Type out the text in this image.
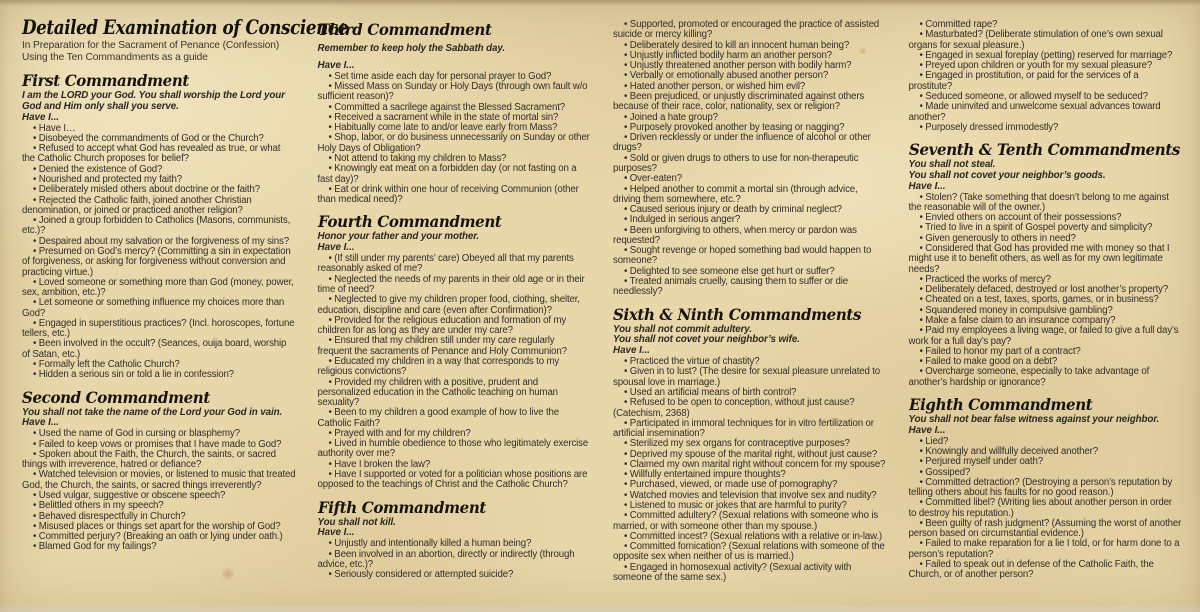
Detailed Examination of Conscience

In Preparation for the Sacrament of Penance (Confession)

Using the Ten Commandments as a guide

First Commandment

I am the LORD your God. You shall worship the Lord your God and Him only shall you serve.

Have I...

• Have I…

• Disobeyed the commandments of God or the Church?

• Refused to accept what God has revealed as true, or what the Catholic Church proposes for belief?

• Denied the existence of God?

• Nourished and protected my faith?

• Deliberately misled others about doctrine or the faith?

• Rejected the Catholic faith, joined another Christian denomination, or joined or practiced another religion?

• Joined a group forbidden to Catholics (Masons, communists, etc.)?

• Despaired about my salvation or the forgiveness of my sins?

• Presumed on God’s mercy? (Committing a sin in expectation of forgiveness, or asking for forgiveness without conversion and practicing virtue.)

• Loved someone or something more than God (money, power, sex, ambition, etc.)?

• Let someone or something influence my choices more than God?

• Engaged in superstitious practices? (Incl. horoscopes, fortune tellers, etc.)

• Been involved in the occult? (Seances, ouija board, worship of Satan, etc.)

• Formally left the Catholic Church?

• Hidden a serious sin or told a lie in confession?

Second Commandment

You shall not take the name of the Lord your God in vain.

Have I...

• Used the name of God in cursing or blasphemy?

• Failed to keep vows or promises that I have made to God?

• Spoken about the Faith, the Church, the saints, or sacred things with irreverence, hatred or defiance?

• Watched television or movies, or listened to music that treated God, the Church, the saints, or sacred things irreverently?

• Used vulgar, suggestive or obscene speech?

• Belittled others in my speech?

• Behaved disrespectfully in Church?

• Misused places or things set apart for the worship of God?

• Committed perjury? (Breaking an oath or lying under oath.)

• Blamed God for my failings?

Third Commandment

Remember to keep holy the Sabbath day.

Have I...

• Set time aside each day for personal prayer to God?

• Missed Mass on Sunday or Holy Days (through own fault w/o sufficient reason)?

• Committed a sacrilege against the Blessed Sacrament?

• Received a sacrament while in the state of mortal sin?

• Habitually come late to and/or leave early from Mass?

• Shop, labor, or do business unnecessarily on Sunday or other Holy Days of Obligation?

• Not attend to taking my children to Mass?

• Knowingly eat meat on a forbidden day (or not fasting on a fast day)?

• Eat or drink within one hour of receiving Communion (other than medical need)?

Fourth Commandment

Honor your father and your mother.

Have I...

• (If still under my parents’ care) Obeyed all that my parents reasonably asked of me?

• Neglected the needs of my parents in their old age or in their time of need?

• Neglected to give my children proper food, clothing, shelter, education, discipline and care (even after Confirmation)?

• Provided for the religious education and formation of my children for as long as they are under my care?

• Ensured that my children still under my care regularly frequent the sacraments of Penance and Holy Communion?

• Educated my children in a way that corresponds to my religious convictions?

• Provided my children with a positive, prudent and personalized education in the Catholic teaching on human sexuality?

• Been to my children a good example of how to live the Catholic Faith?

• Prayed with and for my children?

• Lived in humble obedience to those who legitimately exercise authority over me?

• Have I broken the law?

• Have I supported or voted for a politician whose positions are opposed to the teachings of Christ and the Catholic Church?

Fifth Commandment

You shall not kill.

Have I...

• Unjustly and intentionally killed a human being?

• Been involved in an abortion, directly or indirectly (through advice, etc.)?

• Seriously considered or attempted suicide?

• Supported, promoted or encouraged the practice of assisted suicide or mercy killing?

• Deliberately desired to kill an innocent human being?

• Unjustly inflicted bodily harm an another person?

• Unjustly threatened another person with bodily harm?

• Verbally or emotionally abused another person?

• Hated another person, or wished him evil?

• Been prejudiced, or unjustly discriminated against others because of their race, color, nationality, sex or religion?

• Joined a hate group?

• Purposely provoked another by teasing or nagging?

• Driven recklessly or under the influence of alcohol or other drugs?

• Sold or given drugs to others to use for non-therapeutic purposes?

• Over-eaten?

• Helped another to commit a mortal sin (through advice, driving them somewhere, etc.?

• Caused serious injury or death by criminal neglect?

• Indulged in serious anger?

• Been unforgiving to others, when mercy or pardon was requested?

• Sought revenge or hoped something bad would happen to someone?

• Delighted to see someone else get hurt or suffer?

• Treated animals cruelly, causing them to suffer or die needlessly?

Sixth & Ninth Commandments

You shall not commit adultery.

You shall not covet your neighbor’s wife.

Have I...

• Practiced the virtue of chastity?

• Given in to lust? (The desire for sexual pleasure unrelated to spousal love in marriage.)

• Used an artificial means of birth control?

• Refused to be open to conception, without just cause? (Catechism, 2368)

• Participated in immoral techniques for in vitro fertilization or artificial insemination?

• Sterilized my sex organs for contraceptive purposes?

• Deprived my spouse of the marital right, without just cause?

• Claimed my own marital right without concern for my spouse?

• Willfully entertained impure thoughts?

• Purchased, viewed, or made use of pornography?

• Watched movies and television that involve sex and nudity?

• Listened to music or jokes that are harmful to purity?

• Committed adultery? (Sexual relations with someone who is married, or with someone other than my spouse.)

• Committed incest? (Sexual relations with a relative or in-law.)

• Committed fornication? (Sexual relations with someone of the opposite sex when neither of us is married.)

• Engaged in homosexual activity? (Sexual activity with someone of the same sex.)

• Committed rape?

• Masturbated? (Deliberate stimulation of one’s own sexual organs for sexual pleasure.)

• Engaged in sexual foreplay (petting) reserved for marriage?

• Preyed upon children or youth for my sexual pleasure?

• Engaged in prostitution, or paid for the services of a prostitute?

• Seduced someone, or allowed myself to be seduced?

• Made uninvited and unwelcome sexual advances toward another?

• Purposely dressed immodestly?

Seventh & Tenth Commandments

You shall not steal.

You shall not covet your neighbor’s goods.

Have I...

• Stolen? (Take something that doesn’t belong to me against the reasonable will of the owner.)

• Envied others on account of their possessions?

• Tried to live in a spirit of Gospel poverty and simplicity?

• Given generously to others in need?

• Considered that God has provided me with money so that I might use it to benefit others, as well as for my own legitimate needs?

• Practiced the works of mercy?

• Deliberately defaced, destroyed or lost another’s property?

• Cheated on a test, taxes, sports, games, or in business?

• Squandered money in compulsive gambling?

• Make a false claim to an insurance company?

• Paid my employees a living wage, or failed to give a full day’s work for a full day’s pay?

• Failed to honor my part of a contract?

• Failed to make good on a debt?

• Overcharge someone, especially to take advantage of another’s hardship or ignorance?

Eighth Commandment

You shall not bear false witness against your neighbor.

Have I...

• Lied?

• Knowingly and willfully deceived another?

• Perjured myself under oath?

• Gossiped?

• Committed detraction? (Destroying a person’s reputation by telling others about his faults for no good reason.)

• Committed libel? (Writing lies about another person in order to destroy his reputation.)

• Been guilty of rash judgment? (Assuming the worst of another person based on circumstantial evidence.)

• Failed to make reparation for a lie I told, or for harm done to a person’s reputation?

• Failed to speak out in defense of the Catholic Faith, the Church, or of another person?
